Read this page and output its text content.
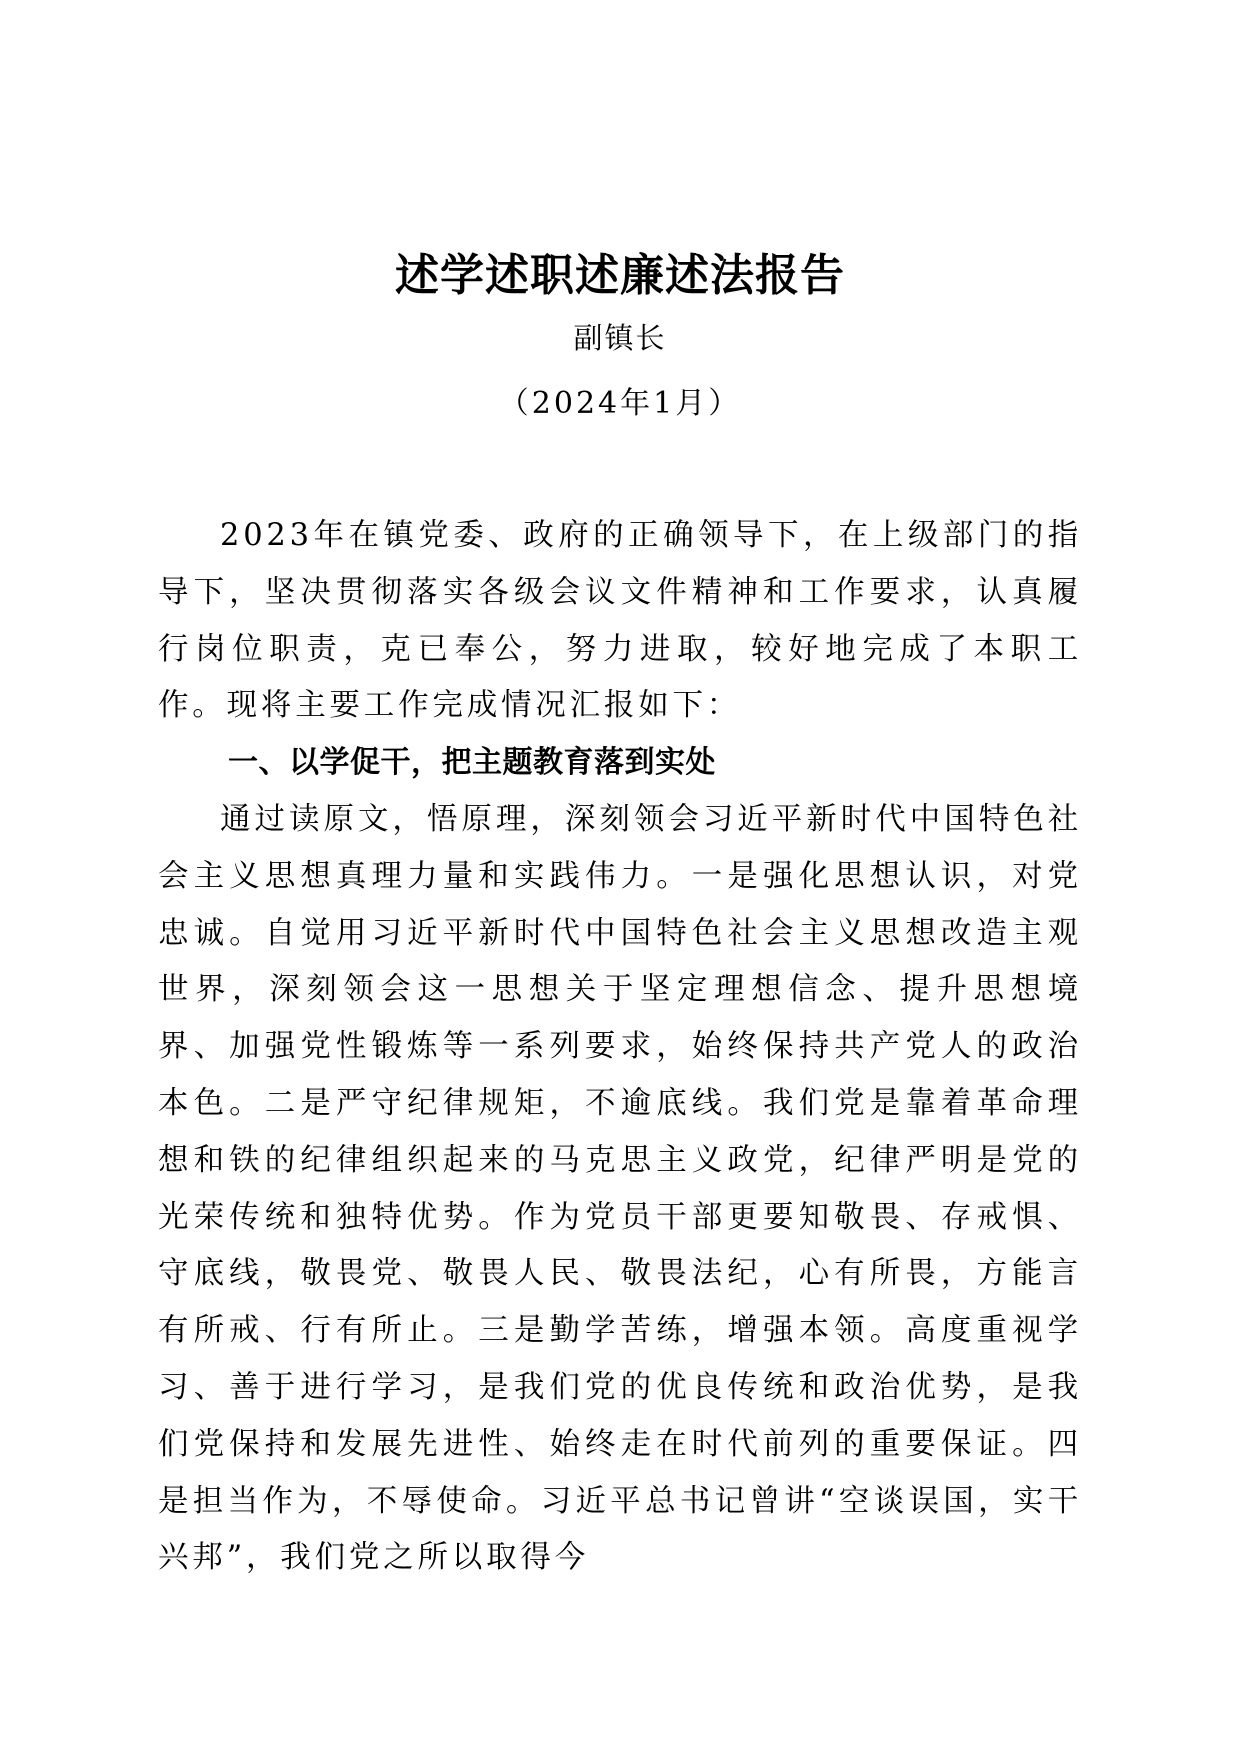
述学述职述廉述法报告
副镇长
（2024年1月）

2023年在镇党委、政府的正确领导下，在上级部门的指导下，坚决贯彻落实各级会议文件精神和工作要求，认真履行岗位职责，克已奉公，努力进取，较好地完成了本职工作。现将主要工作完成情况汇报如下：

一、以学促干，把主题教育落到实处

通过读原文，悟原理，深刻领会习近平新时代中国特色社会主义思想真理力量和实践伟力。一是强化思想认识，对党忠诚。自觉用习近平新时代中国特色社会主义思想改造主观世界，深刻领会这一思想关于坚定理想信念、提升思想境界、加强党性锻炼等一系列要求，始终保持共产党人的政治本色。二是严守纪律规矩，不逾底线。我们党是靠着革命理想和铁的纪律组织起来的马克思主义政党，纪律严明是党的光荣传统和独特优势。作为党员干部更要知敬畏、存戒惧、守底线，敬畏党、敬畏人民、敬畏法纪，心有所畏，方能言有所戒、行有所止。三是勤学苦练，增强本领。高度重视学习、善于进行学习，是我们党的优良传统和政治优势，是我们党保持和发展先进性、始终走在时代前列的重要保证。四是担当作为，不辱使命。习近平总书记曾讲“空谈误国，实干兴邦”，我们党之所以取得今
